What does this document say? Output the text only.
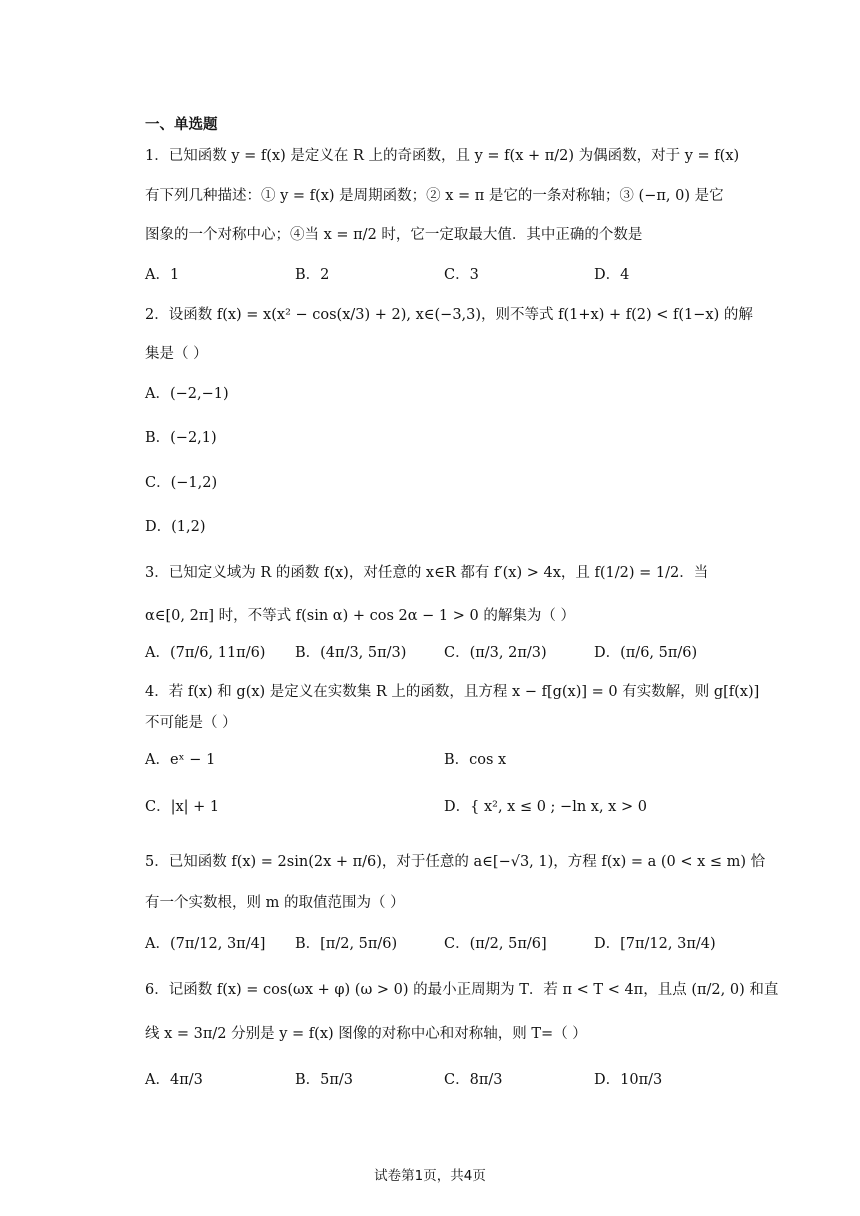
一、单选题
1．已知函数 y = f(x) 是定义在 R 上的奇函数，且 y = f(x + π/2) 为偶函数，对于 y = f(x)
有下列几种描述：① y = f(x) 是周期函数；② x = π 是它的一条对称轴；③ (−π, 0) 是它
图象的一个对称中心；④当 x = π/2 时，它一定取最大值．其中正确的个数是
A．1	B．2	C．3	D．4
2．设函数 f(x) = x(x² − cos(x/3) + 2), x∈(−3,3)，则不等式 f(1+x) + f(2) < f(1−x) 的解
集是（ ）
A．(−2,−1)
B．(−2,1)
C．(−1,2)
D．(1,2)
3．已知定义域为 R 的函数 f(x)，对任意的 x∈R 都有 f′(x) > 4x，且 f(1/2) = 1/2．当
α∈[0, 2π] 时，不等式 f(sin α) + cos 2α − 1 > 0 的解集为（ ）
A．(7π/6, 11π/6) B．(4π/3, 5π/3)	C．(π/3, 2π/3)	D．(π/6, 5π/6)
4．若 f(x) 和 g(x) 是定义在实数集 R 上的函数，且方程 x − f[g(x)] = 0 有实数解，则 g[f(x)]
不可能是（ ）
A．eˣ − 1	B．cos x
C．|x| + 1	D．{ x², x ≤ 0 ; −ln x, x > 0
5．已知函数 f(x) = 2sin(2x + π/6)，对于任意的 a∈[−√3, 1)，方程 f(x) = a (0 < x ≤ m) 恰
有一个实数根，则 m 的取值范围为（ ）
A．(7π/12, 3π/4] B．[π/2, 5π/6)	C．(π/2, 5π/6]	D．[7π/12, 3π/4)
6．记函数 f(x) = cos(ωx + φ) (ω > 0) 的最小正周期为 T．若 π < T < 4π，且点 (π/2, 0) 和直
线 x = 3π/2 分别是 y = f(x) 图像的对称中心和对称轴，则 T=（ ）
A．4π/3	B．5π/3	C．8π/3	D．10π/3
试卷第1页，共4页
